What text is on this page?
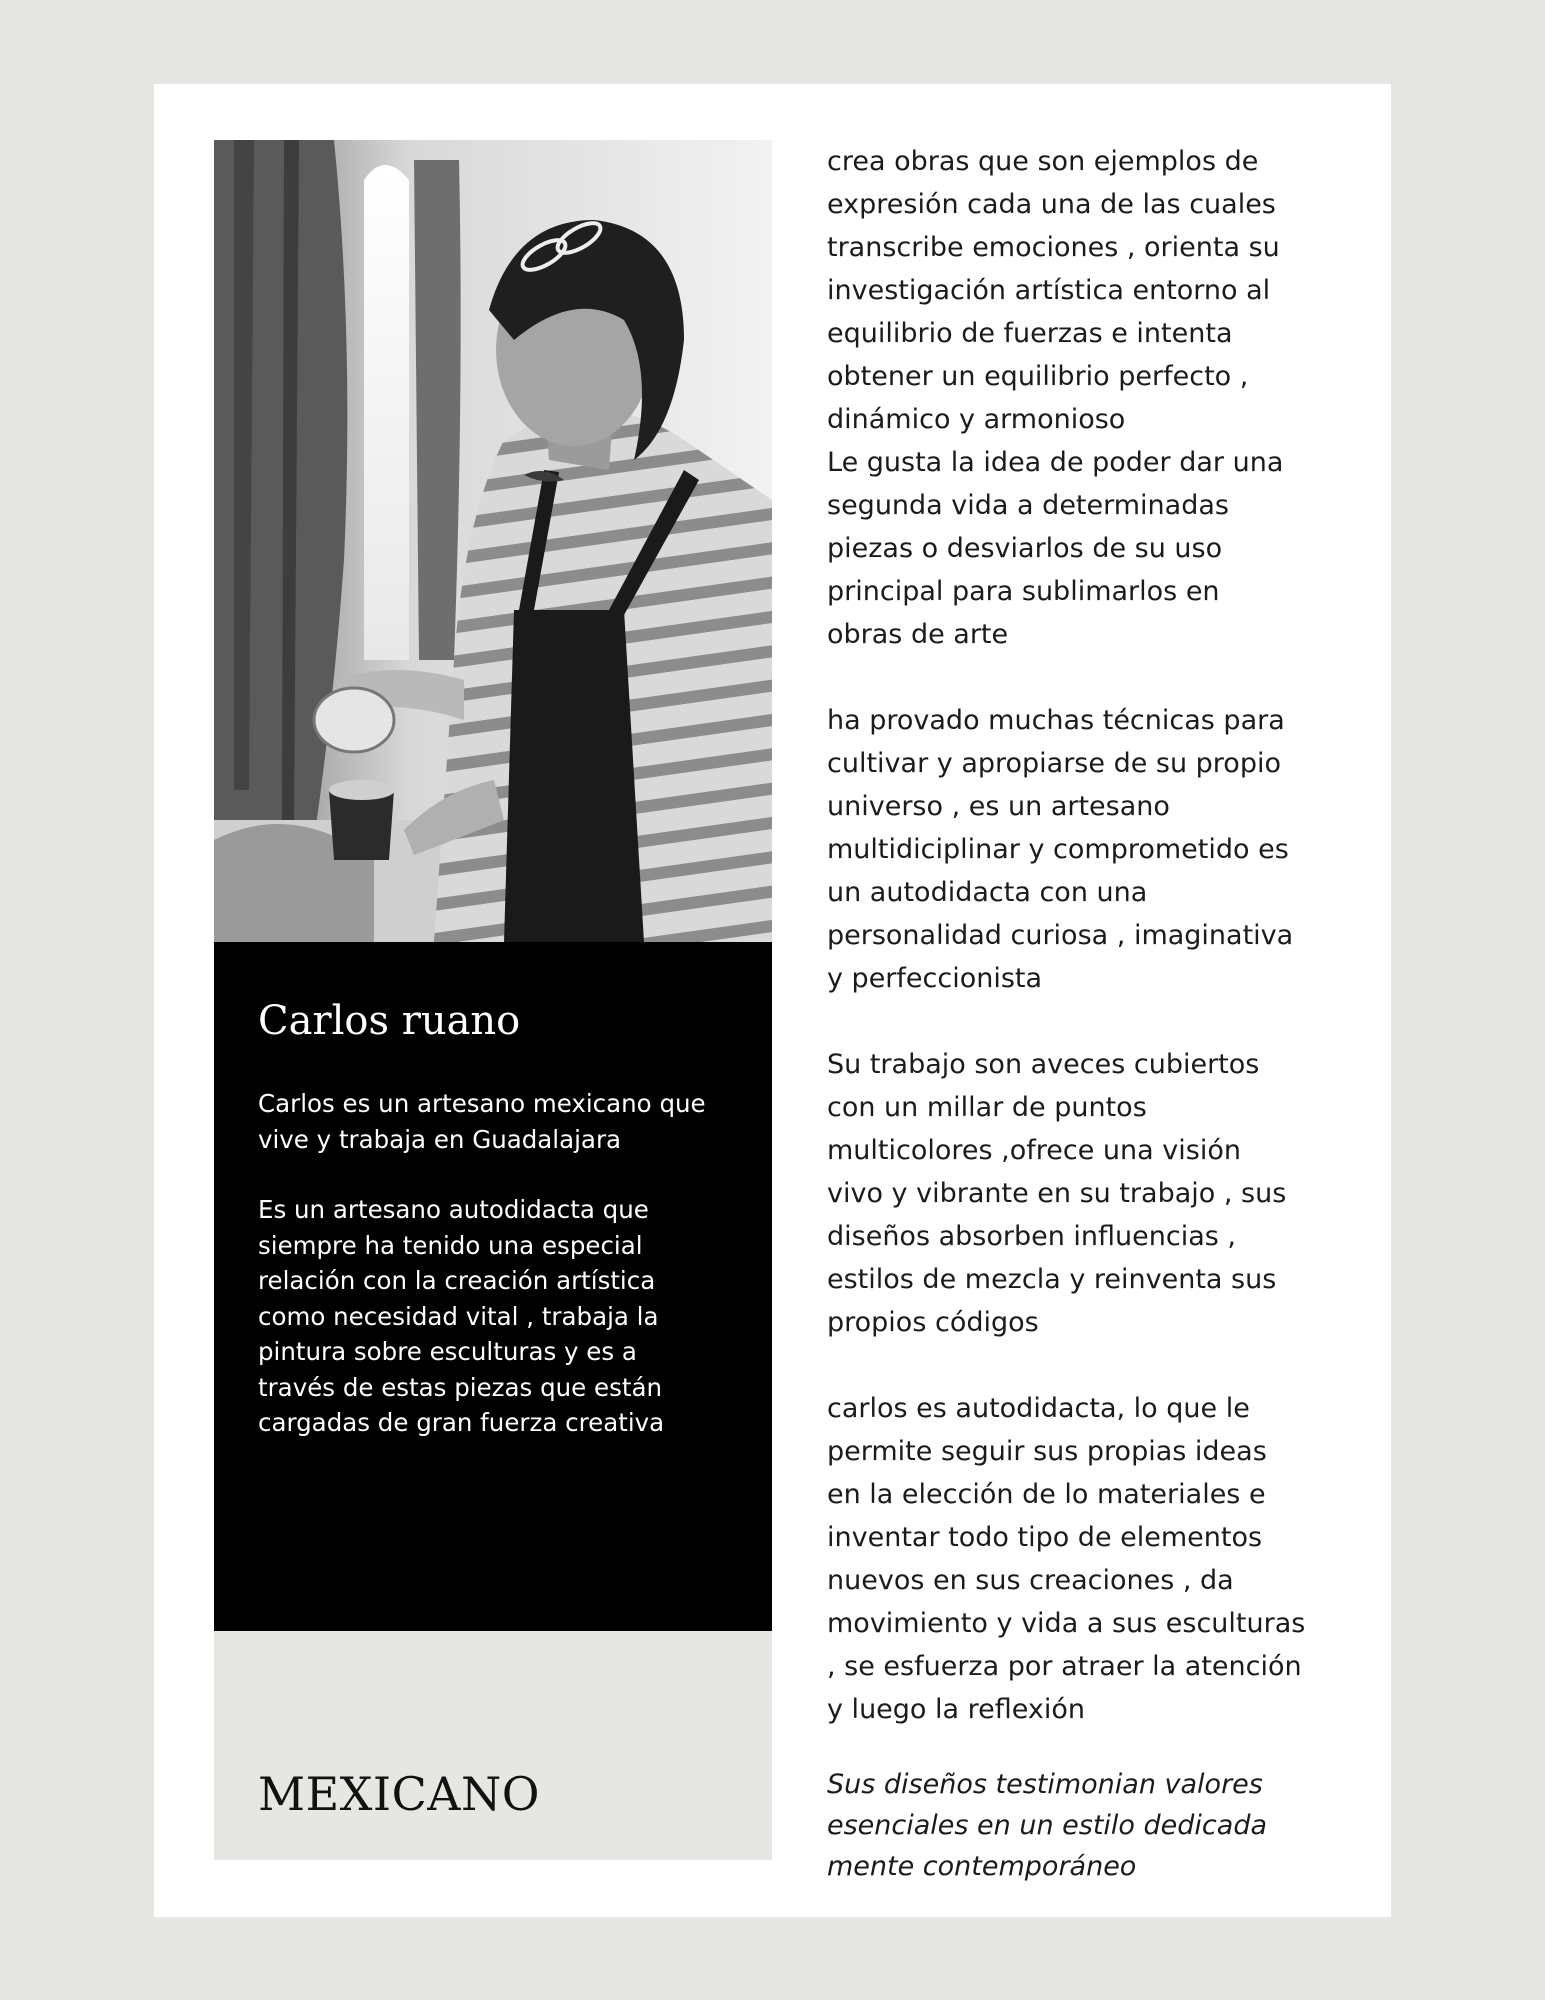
Carlos ruano

Carlos es un artesano mexicano que
vive y trabaja en Guadalajara

Es un artesano autodidacta que
siempre ha tenido una especial
relación con la creación artística
como necesidad vital , trabaja la
pintura sobre esculturas y es a
través de estas piezas que están
cargadas de gran fuerza creativa

MEXICANO

crea obras que son ejemplos de
expresión cada una de las cuales
transcribe emociones , orienta su
investigación artística entorno al
equilibrio de fuerzas e intenta
obtener un equilibrio perfecto ,
dinámico y armonioso
Le gusta la idea de poder dar una
segunda vida a determinadas
piezas o desviarlos de su uso
principal para sublimarlos en
obras de arte

ha provado muchas técnicas para
cultivar y apropiarse de su propio
universo , es un artesano
multidiciplinar y comprometido es
un autodidacta con una
personalidad curiosa , imaginativa
y perfeccionista

Su trabajo son aveces cubiertos
con un millar de puntos
multicolores ,ofrece una visión
vivo y vibrante en su trabajo , sus
diseños absorben influencias ,
estilos de mezcla y reinventa sus
propios códigos

carlos es autodidacta, lo que le
permite seguir sus propias ideas
en la elección de lo materiales e
inventar todo tipo de elementos
nuevos en sus creaciones , da
movimiento y vida a sus esculturas
, se esfuerza por atraer la atención
y luego la reflexión

Sus diseños testimonian valores
esenciales en un estilo dedicada
mente contemporáneo
